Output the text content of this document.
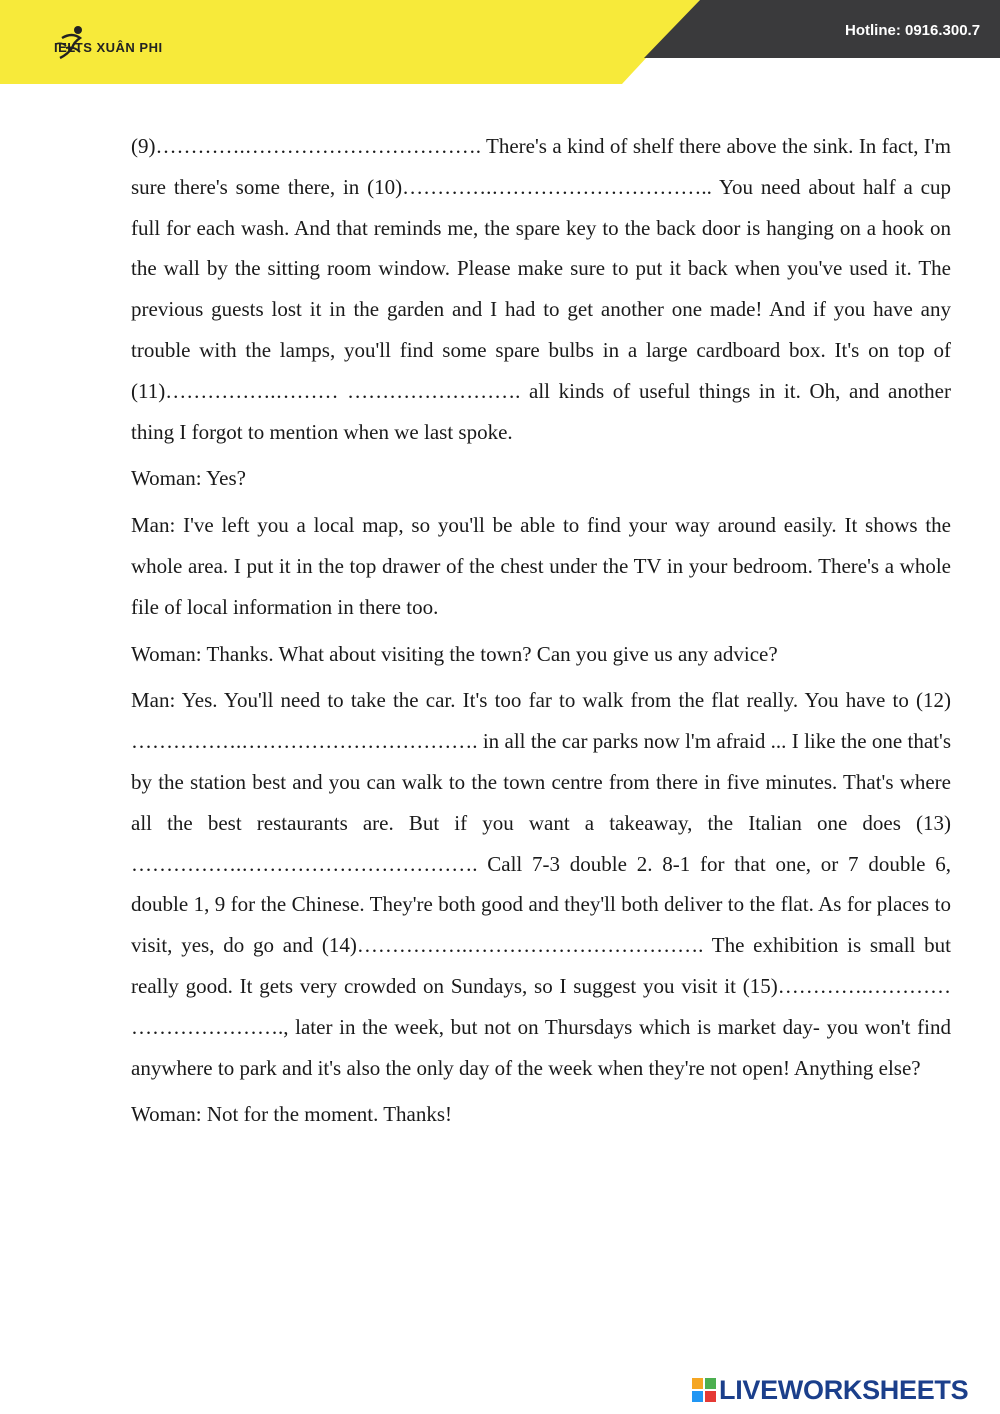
IELTS XUÂN PHI
Hotline: 0916.300.7

(9)………….……………………………. There's a kind of shelf there above the sink. In fact, I'm sure there's some there, in (10)………….………………………….. You need about half a cup full for each wash. And that reminds me, the spare key to the back door is hanging on a hook on the wall by the sitting room window. Please make sure to put it back when you've used it. The previous guests lost it in the garden and I had to get another one made! And if you have any trouble with the lamps, you'll find some spare bulbs in a large cardboard box. It's on top of (11)…………….……… ……………………. all kinds of useful things in it. Oh, and another thing I forgot to mention when we last spoke.

Woman: Yes?

Man: I've left you a local map, so you'll be able to find your way around easily. It shows the whole area. I put it in the top drawer of the chest under the TV in your bedroom. There's a whole file of local information in there too.

Woman: Thanks. What about visiting the town? Can you give us any advice?

Man: Yes. You'll need to take the car. It's too far to walk from the flat really. You have to (12) …………….……………………………. in all the car parks now l'm afraid ... I like the one that's by the station best and you can walk to the town centre from there in five minutes. That's where all the best restaurants are. But if you want a takeaway, the Italian one does (13) …………….……………………………. Call 7-3 double 2. 8-1 for that one, or 7 double 6, double 1, 9 for the Chinese. They're both good and they'll both deliver to the flat. As for places to visit, yes, do go and (14)…………….……………………………. The exhibition is small but really good. It gets very crowded on Sundays, so I suggest you visit it (15)………….………… …………………., later in the week, but not on Thursdays which is market day- you won't find anywhere to park and it's also the only day of the week when they're not open! Anything else?

Woman: Not for the moment. Thanks!

LIVEWORKSHEETS
